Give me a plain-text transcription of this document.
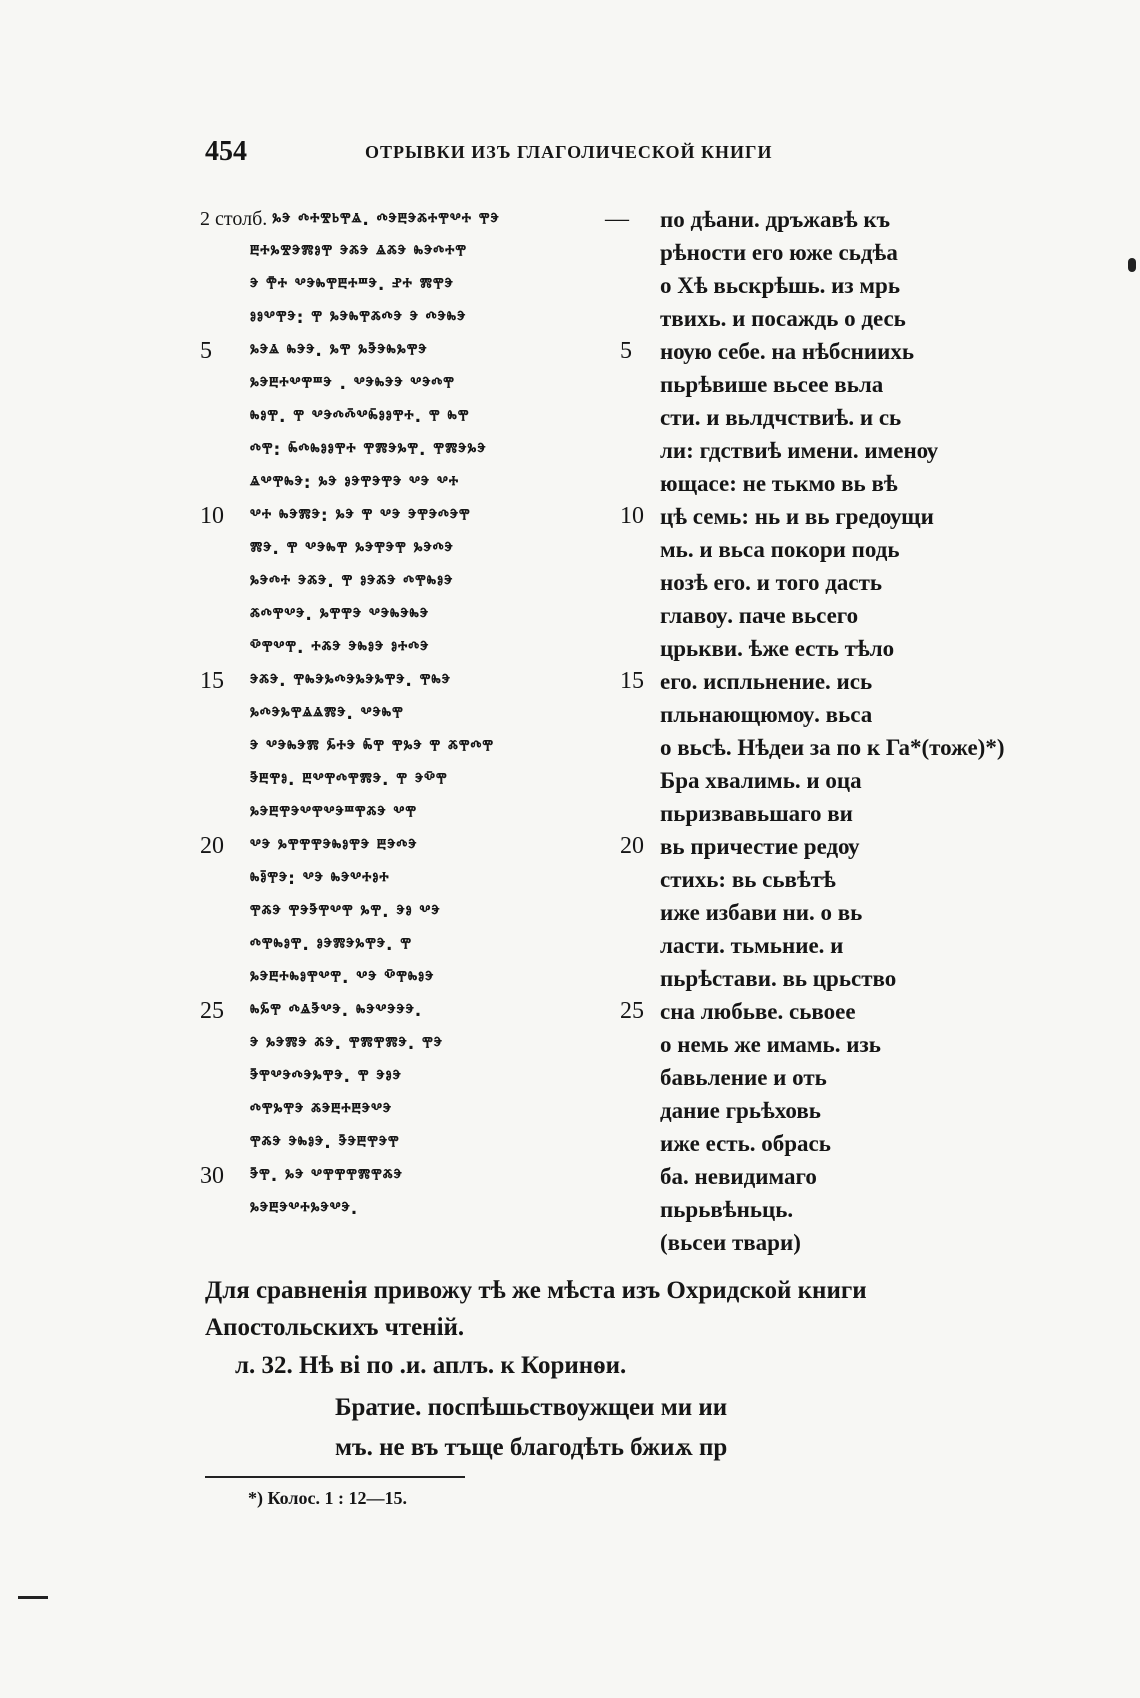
454	ОТРЫВКИ ИЗЪ ГЛАГОЛИЧЕСКОЙ КНИГИ
2 столб. ⰳⰵ ⰴⰰⰺⱃⰹⱑ. ⰴⰵⰱⰵⰶⰰⰹⰲⰰ ⰹⰵ	—
ⰱⰰⰳⰺⰵⰿⱁⰹ ⰵⰶⰵ ⱑⰶⰵ ⰸⰵⰴⰰⰹ
ⰵ ⰹ̄ⰰ ⰲⰵⰸⰹⰱⰰⱎⰵ. ⱀⰰ ⰿⰹⰵ
ⱁⱁⰲⰹⰵ: ⰹ ⰳⰵⰸⰹⰶⰴⰵ ⰵ ⰴⰵⰸⰵ
5	ⰳⰵⱑ ⰸⰵⰵ. ⰳⰹ ⰳⰵ̄ⰵⰸⰳⰹⰵ
ⰳⰵⰱⰰⰲⰹⱎⰵ . ⰲⰵⰸⰵⰵ ⰲⰵⰴⰹ
ⰸⱁⰹ. ⰹ ⰲⰵⰴⰴ̄ⰲⰸ̄ⱁⱁⰹⰰ. ⰹ ⰸⰹ
ⰴⰹ: ⰸ̄ⰴⰸⱁⱁⰹⰰ ⰹⰿⰵⰳⰹ. ⰹⰿⰵⰳⰵ
ⱑⰲⰹⰸⰵ: ⰳⰵ ⱁⰵⰹⰵⰹⰵ ⰲⰵ ⰲⰰ
10	ⰲⰰ ⰸⰵⰿⰵ: ⰳⰵ ⰹ ⰲⰵ ⰵⰹⰵⰴⰵⰹ
ⰿⰵ. ⰹ ⰲⰵⰸⰹ ⰳⰵⰹⰵⰹ ⰳⰵⰴⰵ
ⰳⰵⰴⰰ ⰵⰶⰵ. ⰹ ⱁⰵⰶⰵ ⰴⰹⰸⱁⰵ
ⰶⰴⰹⰲⰵ. ⰳⰹⰹⰵ ⰲⰵⰸⰵⰸⰵ
ⰲ̄ⰹⰲⰹ. ⰰⰶⰵ ⰵⰸⱁⰵ ⱁⰰⰴⰵ
15	ⰵⰶⰵ. ⰹⰸⰵⰳⰴⰵⰳⰵⰳⰹⰵ. ⰹⰸⰵ
ⰳⰴⰵⰳⰹⱑⱑⰿⰵ. ⰲⰵⰸⰹ
ⰵ ⰲⰵⰸⰵⰿ ⰳ̄ⰰⰵ ⰸ̄ⰹ ⰹⰳⰵ ⰹ ⰶⰹⰴⰹ
ⰵ̄ⰱⰹⱁ. ⰱⰲⰹⰴⰹⰿⰵ. ⰹ ⰵⰲ̄ⰹ
ⰳⰵⰱⰹⰵⰲⰹⰲⰵⱎⰹⰶⰵ ⰲⰹ
20	ⰲⰵ ⰳⰹⰹⰹⰵⰸⱁⰹⰵ ⰱⰵⰴⰵ
ⰸⱁ̄ⰹⰵ: ⰲⰵ ⰸⰵⰲⰰⱁⰰ
ⰹⰶⰵ ⰹⰵⰵ̄ⰹⰲⰹ ⰳⰹ. ⰵⱁ ⰲⰵ
ⰴⰹⰸⱁⰹ. ⱁⰵⰿⰵⰳⰹⰵ. ⰹ
ⰳⰵⰱⰰⰸⱁⰹⰲⰹ. ⰲⰵ ⰲ̄ⰹⰸⱁⰵ
25	ⰸⰳ̄ⰹ ⰴⱑⰵ̄ⰲⰵ. ⰸⰵⰲⰵⰵⰵ.
ⰵ ⰳⰵⰿⰵ ⰶⰵ. ⰹⰿⰹⰿⰵ. ⰹⰵ
ⰵ̄ⰹⰲⰵⰴⰵⰳⰹⰵ. ⰹ ⰵⱁⰵ
ⰴⰹⰳⰹⰵ ⰶⰵⰱⰰⰱⰵⰲⰵ
ⰹⰶⰵ ⰵⰸⱁⰵ. ⰵ̄ⰵⰱⰹⰵⰹ
30	ⰵ̄ⰹ. ⰳⰵ ⰲⰹⰹⰹⰿⰹⰶⰵ
ⰳⰵⰱⰵⰲⰰⰳⰵⰲⰵ.
по дѣани. дръжавѣ къ
рѣности его юже сьдѣа
о Хѣ вьскрѣшь. из мрь
твихь. и посаждь о десь
5	нѹю себе. на нѣбсниихь
пьрѣвише вьсее вьла
сти. и вьлдчствиѣ. и сь
ли: гдствиѣ имени. именѹ
ющасе: не тькмо вь вѣ
10 цѣ семь: нь и вь гредѹщи
мь. и вьса покори подь
нозѣ его. и того дасть
главѹ. паче вьсего
црькви. ѣже есть тѣло
15 его. испльнение. ись
пльнающюмѹ. вьса
о вьсѣ. Нѣдеи за по к Га*(тоже)*)
Бра хвалимь. и оца
пьризвавьшаго ви
20 вь причестие редѹ
стихь: вь сьвѣтѣ
иже избави ни. о вь
ласти. тьмьние. и
пьрѣстави. вь црьство
25 сна любьве. сьвоее
о немь же имамь. изь
бавьление и оть
дание грьѣховь
иже есть. обрась
ба. невидимаго
пьрьвѣньць.
(вьсеи твари)
Для сравненія привожу тѣ же мѣста изъ Охридской книги Апостольскихъ чтеній.
л. 32. Нѣ ві по .и. аплъ. к Коринѳи.
Братие. поспѣшьствоужщеи ми ии
мъ. не въ тъще благодѣть бжиѫ пр
*) Колос. 1 : 12—15.
